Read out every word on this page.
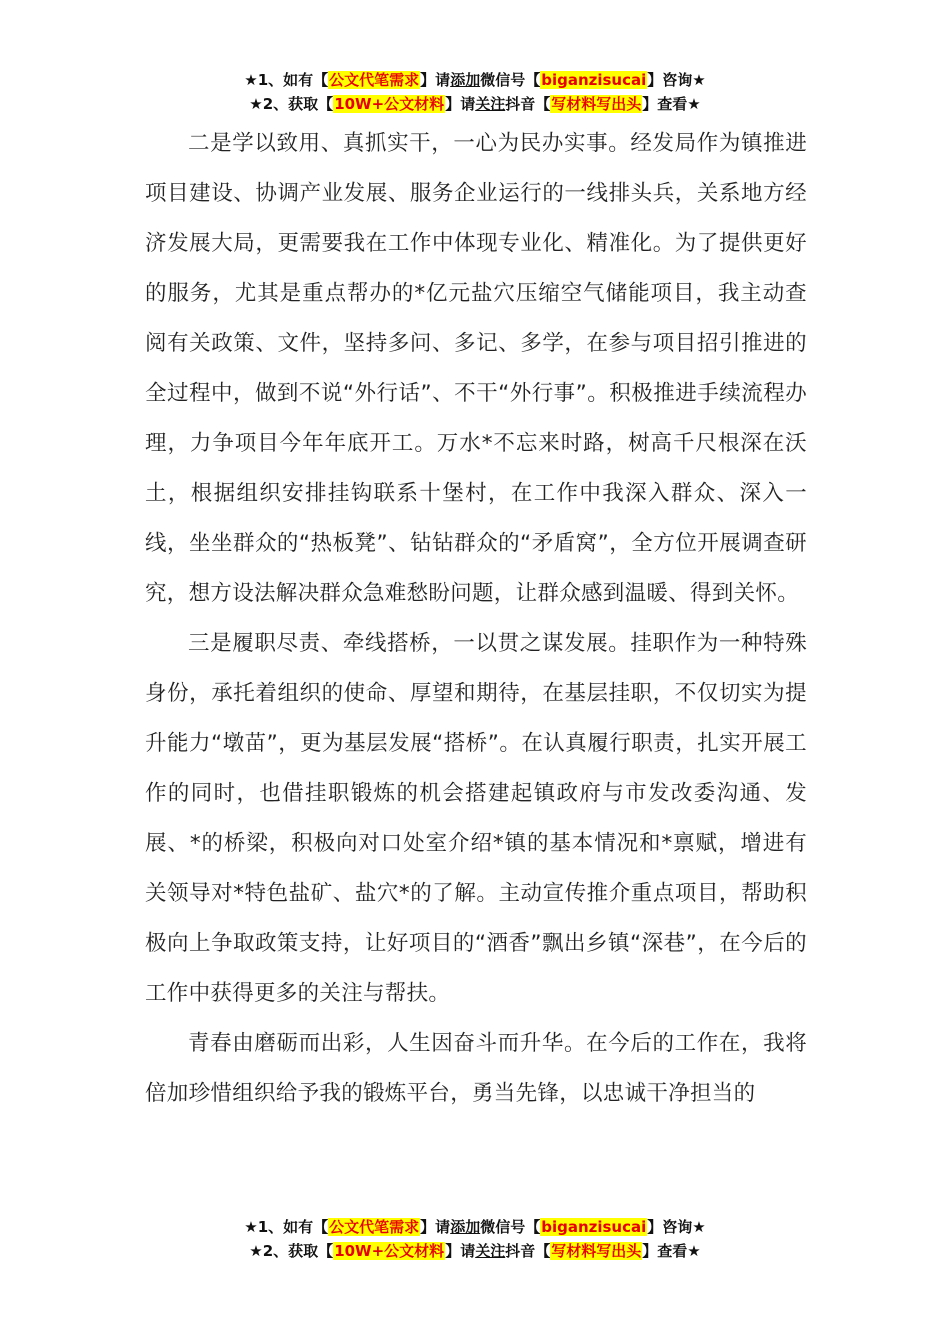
★1、如有【公文代笔需求】请添加微信号【biganzisucai】咨询★
★2、获取【10W+公文材料】请关注抖音【写材料写出头】查看★

二是学以致用、真抓实干，一心为民办实事。经发局作为镇推进项目建设、协调产业发展、服务企业运行的一线排头兵，关系地方经济发展大局，更需要我在工作中体现专业化、精准化。为了提供更好的服务，尤其是重点帮办的*亿元盐穴压缩空气储能项目，我主动查阅有关政策、文件，坚持多问、多记、多学，在参与项目招引推进的全过程中，做到不说“外行话”、不干“外行事”。积极推进手续流程办理，力争项目今年年底开工。万水*不忘来时路，树高千尺根深在沃土，根据组织安排挂钩联系十堡村，在工作中我深入群众、深入一线，坐坐群众的“热板凳”、钻钻群众的“矛盾窝”，全方位开展调查研究，想方设法解决群众急难愁盼问题，让群众感到温暖、得到关怀。

三是履职尽责、牵线搭桥，一以贯之谋发展。挂职作为一种特殊身份，承托着组织的使命、厚望和期待，在基层挂职，不仅切实为提升能力“墩苗”，更为基层发展“搭桥”。在认真履行职责，扎实开展工作的同时，也借挂职锻炼的机会搭建起镇政府与市发改委沟通、发展、*的桥梁，积极向对口处室介绍*镇的基本情况和*禀赋，增进有关领导对*特色盐矿、盐穴*的了解。主动宣传推介重点项目，帮助积极向上争取政策支持，让好项目的“酒香”飘出乡镇“深巷”，在今后的工作中获得更多的关注与帮扶。

青春由磨砺而出彩，人生因奋斗而升华。在今后的工作在，我将倍加珍惜组织给予我的锻炼平台，勇当先锋，以忠诚干净担当的

★1、如有【公文代笔需求】请添加微信号【biganzisucai】咨询★
★2、获取【10W+公文材料】请关注抖音【写材料写出头】查看★
